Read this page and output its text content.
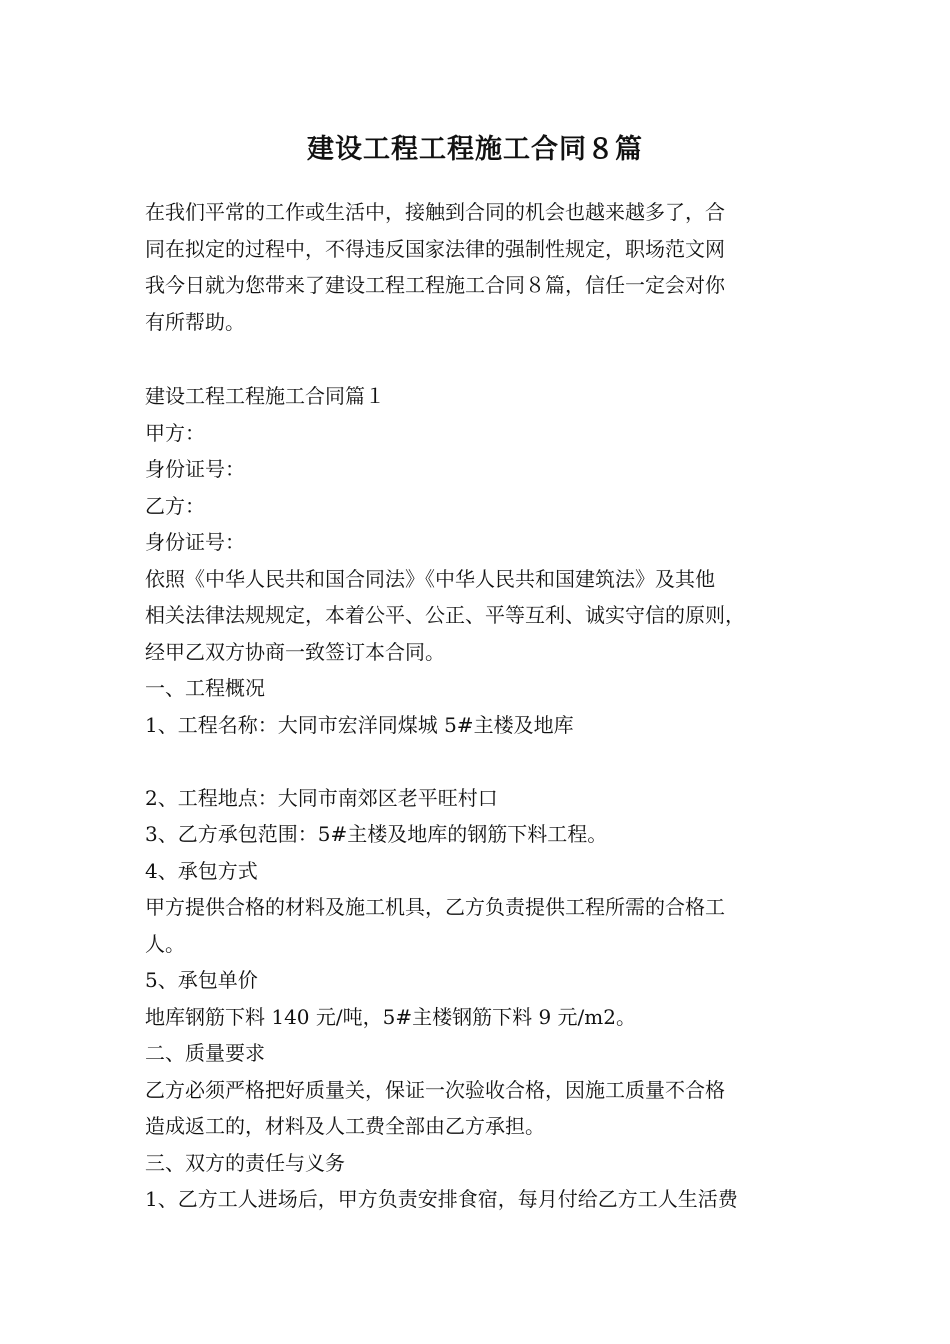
建设工程工程施工合同８篇
在我们平常的工作或生活中，接触到合同的机会也越来越多了，合
同在拟定的过程中，不得违反国家法律的强制性规定，职场范文网
我今日就为您带来了建设工程工程施工合同８篇，信任一定会对你
有所帮助。
建设工程工程施工合同篇１
甲方：
身份证号：
乙方：
身份证号：
依照《中华人民共和国合同法》《中华人民共和国建筑法》及其他
相关法律法规规定，本着公平、公正、平等互利、诚实守信的原则，
经甲乙双方协商一致签订本合同。
一、工程概况
1、工程名称：大同市宏洋同煤城 5#主楼及地库
2、工程地点：大同市南郊区老平旺村口
3、乙方承包范围：5#主楼及地库的钢筋下料工程。
4、承包方式
甲方提供合格的材料及施工机具，乙方负责提供工程所需的合格工
人。
5、承包单价
地库钢筋下料 140 元/吨，5#主楼钢筋下料 9 元/m2。
二、质量要求
乙方必须严格把好质量关，保证一次验收合格，因施工质量不合格
造成返工的，材料及人工费全部由乙方承担。
三、双方的责任与义务
1、乙方工人进场后，甲方负责安排食宿，每月付给乙方工人生活费
